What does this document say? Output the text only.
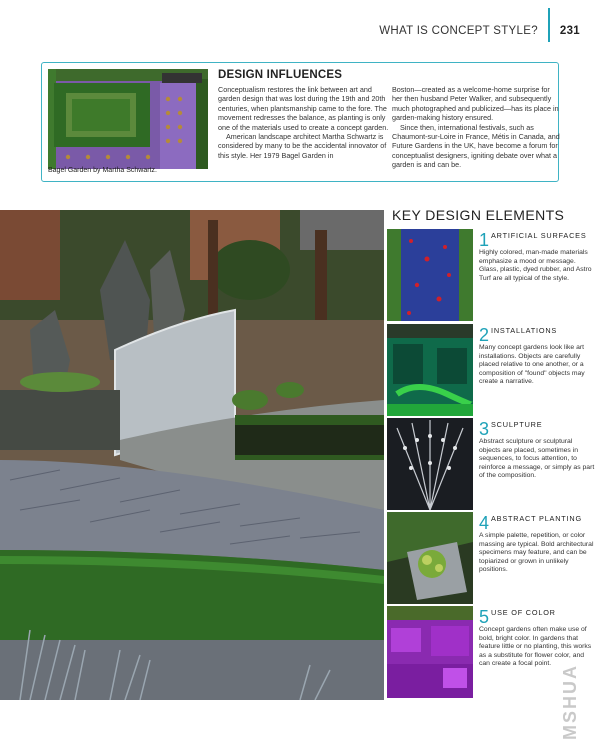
WHAT IS CONCEPT STYLE? 231
Bagel Garden by Martha Schwartz.
DESIGN INFLUENCES

Conceptualism restores the link between art and garden design that was lost during the 19th and 20th centuries, when plantsmanship came to the fore. The movement redresses the balance, as planting is only one of the materials used to create a concept garden.

American landscape architect Martha Schwartz is considered by many to be the accidental innovator of this style. Her 1979 Bagel Garden in

Boston—created as a welcome-home surprise for her then husband Peter Walker, and subsequently much photographed and publicized—has its place in garden-making history ensured.

Since then, international festivals, such as Chaumont-sur-Loire in France, Métis in Canada, and Future Gardens in the UK, have become a forum for conceptualist designers, igniting debate over what a garden is and can be.

KEY DESIGN ELEMENTS
1 ARTIFICIAL SURFACES
Highly colored, man-made materials emphasize a mood or message. Glass, plastic, dyed rubber, and Astro Turf are all typical of the style.
2 INSTALLATIONS
Many concept gardens look like art installations. Objects are carefully placed relative to one another, or a composition of "found" objects may create a narrative.
3 SCULPTURE
Abstract sculpture or sculptural objects are placed, sometimes in sequences, to focus attention, to reinforce a message, or simply as part of the composition.
4 ABSTRACT PLANTING
A simple palette, repetition, or color massing are typical. Bold architectural specimens may feature, and can be topiarized or grown in unlikely positions.
5 USE OF COLOR
Concept gardens often make use of bold, bright color. In gardens that feature little or no planting, this works as a substitute for flower color, and can create a focal point.
MSHUA
